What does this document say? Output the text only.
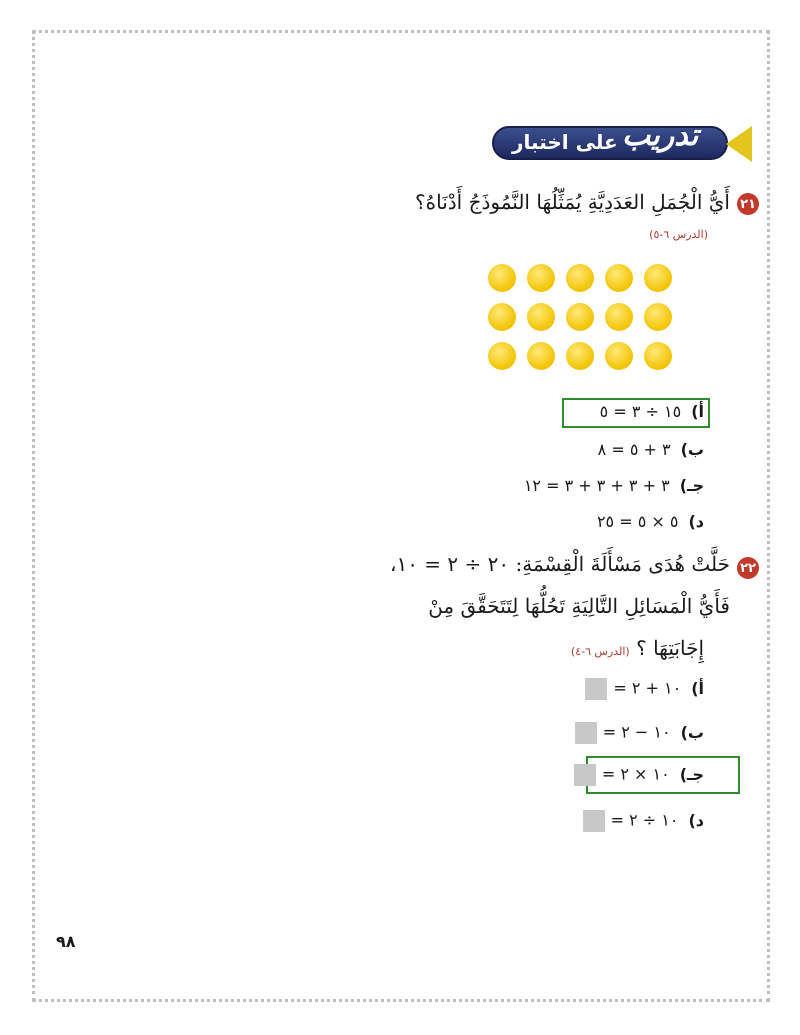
على اختبار تدريب
٢١
أَيُّ الْجُمَلِ العَدَدِيَّةِ يُمَثِّلُهَا النَّمُوذَجُ أَدْنَاهُ؟
(الدرس ٦-٥)
أ)١٥ ÷ ٣ = ٥
ب)٣ + ٥ = ٨
جـ)٣ + ٣ + ٣ + ٣ = ١٢
د)٥ × ٥ = ٢٥
٢٢
حَلَّتْ هُدَى مَسْأَلَةَ الْقِسْمَةِ: ٢٠ ÷ ٢ = ١٠،
فَأَيُّ الْمَسَائِلِ التَّالِيَةِ تَحُلُّهَا لِتَتَحَقَّقَ مِنْ
إِجَابَتِهَا ؟ (الدرس ٦-٤)
أ)١٠ + ٢ =
ب)١٠ − ٢ =
جـ)١٠ × ٢ =
د)١٠ ÷ ٢ =
٩٨
